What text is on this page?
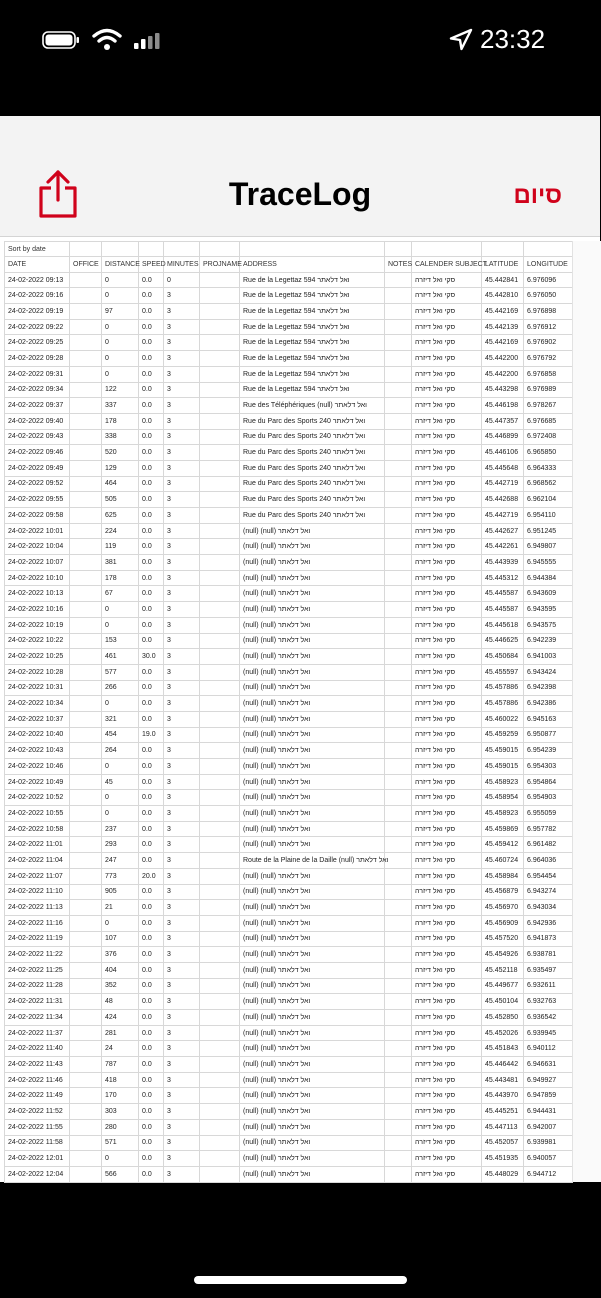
23:32
TraceLog	סיום
Sort by date										
DATE	OFFICE	DISTANCE	SPEED	MINUTES	PROJNAME	ADDRESS	NOTES	CALENDER SUBJECT	LATITUDE	LONGITUDE
24-02-2022 09:13		0	0.0	0		Rue de la Legettaz 594 ואל דלאתר		סקי ואל דיזרה	45.442841	6.976096
24-02-2022 09:16		0	0.0	3		Rue de la Legettaz 594 ואל דלאתר		סקי ואל דיזרה	45.442810	6.976050
24-02-2022 09:19		97	0.0	3		Rue de la Legettaz 594 ואל דלאתר		סקי ואל דיזרה	45.442169	6.976898
24-02-2022 09:22		0	0.0	3		Rue de la Legettaz 594 ואל דלאתר		סקי ואל דיזרה	45.442139	6.976912
24-02-2022 09:25		0	0.0	3		Rue de la Legettaz 594 ואל דלאתר		סקי ואל דיזרה	45.442169	6.976902
24-02-2022 09:28		0	0.0	3		Rue de la Legettaz 594 ואל דלאתר		סקי ואל דיזרה	45.442200	6.976792
24-02-2022 09:31		0	0.0	3		Rue de la Legettaz 594 ואל דלאתר		סקי ואל דיזרה	45.442200	6.976858
24-02-2022 09:34		122	0.0	3		Rue de la Legettaz 594 ואל דלאתר		סקי ואל דיזרה	45.443298	6.976989
24-02-2022 09:37		337	0.0	3		Rue des Téléphériques (null) ואל דלאתר		סקי ואל דיזרה	45.446198	6.978267
24-02-2022 09:40		178	0.0	3		Rue du Parc des Sports 240 ואל דלאתר		סקי ואל דיזרה	45.447357	6.976685
24-02-2022 09:43		338	0.0	3		Rue du Parc des Sports 240 ואל דלאתר		סקי ואל דיזרה	45.446899	6.972408
24-02-2022 09:46		520	0.0	3		Rue du Parc des Sports 240 ואל דלאתר		סקי ואל דיזרה	45.446106	6.965850
24-02-2022 09:49		129	0.0	3		Rue du Parc des Sports 240 ואל דלאתר		סקי ואל דיזרה	45.445648	6.964333
24-02-2022 09:52		464	0.0	3		Rue du Parc des Sports 240 ואל דלאתר		סקי ואל דיזרה	45.442719	6.968562
24-02-2022 09:55		505	0.0	3		Rue du Parc des Sports 240 ואל דלאתר		סקי ואל דיזרה	45.442688	6.962104
24-02-2022 09:58		625	0.0	3		Rue du Parc des Sports 240 ואל דלאתר		סקי ואל דיזרה	45.442719	6.954110
24-02-2022 10:01		224	0.0	3		(null) (null) ואל דלאתר		סקי ואל דיזרה	45.442627	6.951245
24-02-2022 10:04		119	0.0	3		(null) (null) ואל דלאתר		סקי ואל דיזרה	45.442261	6.949807
24-02-2022 10:07		381	0.0	3		(null) (null) ואל דלאתר		סקי ואל דיזרה	45.443939	6.945555
24-02-2022 10:10		178	0.0	3		(null) (null) ואל דלאתר		סקי ואל דיזרה	45.445312	6.944384
24-02-2022 10:13		67	0.0	3		(null) (null) ואל דלאתר		סקי ואל דיזרה	45.445587	6.943609
24-02-2022 10:16		0	0.0	3		(null) (null) ואל דלאתר		סקי ואל דיזרה	45.445587	6.943595
24-02-2022 10:19		0	0.0	3		(null) (null) ואל דלאתר		סקי ואל דיזרה	45.445618	6.943575
24-02-2022 10:22		153	0.0	3		(null) (null) ואל דלאתר		סקי ואל דיזרה	45.446625	6.942239
24-02-2022 10:25		461	30.0	3		(null) (null) ואל דלאתר		סקי ואל דיזרה	45.450684	6.941003
24-02-2022 10:28		577	0.0	3		(null) (null) ואל דלאתר		סקי ואל דיזרה	45.455597	6.943424
24-02-2022 10:31		266	0.0	3		(null) (null) ואל דלאתר		סקי ואל דיזרה	45.457886	6.942398
24-02-2022 10:34		0	0.0	3		(null) (null) ואל דלאתר		סקי ואל דיזרה	45.457886	6.942386
24-02-2022 10:37		321	0.0	3		(null) (null) ואל דלאתר		סקי ואל דיזרה	45.460022	6.945163
24-02-2022 10:40		454	19.0	3		(null) (null) ואל דלאתר		סקי ואל דיזרה	45.459259	6.950877
24-02-2022 10:43		264	0.0	3		(null) (null) ואל דלאתר		סקי ואל דיזרה	45.459015	6.954239
24-02-2022 10:46		0	0.0	3		(null) (null) ואל דלאתר		סקי ואל דיזרה	45.459015	6.954303
24-02-2022 10:49		45	0.0	3		(null) (null) ואל דלאתר		סקי ואל דיזרה	45.458923	6.954864
24-02-2022 10:52		0	0.0	3		(null) (null) ואל דלאתר		סקי ואל דיזרה	45.458954	6.954903
24-02-2022 10:55		0	0.0	3		(null) (null) ואל דלאתר		סקי ואל דיזרה	45.458923	6.955059
24-02-2022 10:58		237	0.0	3		(null) (null) ואל דלאתר		סקי ואל דיזרה	45.459869	6.957782
24-02-2022 11:01		293	0.0	3		(null) (null) ואל דלאתר		סקי ואל דיזרה	45.459412	6.961482
24-02-2022 11:04		247	0.0	3		Route de la Plaine de la Daille (null) ואל דלאתר		סקי ואל דיזרה	45.460724	6.964036
24-02-2022 11:07		773	20.0	3		(null) (null) ואל דלאתר		סקי ואל דיזרה	45.458984	6.954454
24-02-2022 11:10		905	0.0	3		(null) (null) ואל דלאתר		סקי ואל דיזרה	45.456879	6.943274
24-02-2022 11:13		21	0.0	3		(null) (null) ואל דלאתר		סקי ואל דיזרה	45.456970	6.943034
24-02-2022 11:16		0	0.0	3		(null) (null) ואל דלאתר		סקי ואל דיזרה	45.456909	6.942936
24-02-2022 11:19		107	0.0	3		(null) (null) ואל דלאתר		סקי ואל דיזרה	45.457520	6.941873
24-02-2022 11:22		376	0.0	3		(null) (null) ואל דלאתר		סקי ואל דיזרה	45.454926	6.938781
24-02-2022 11:25		404	0.0	3		(null) (null) ואל דלאתר		סקי ואל דיזרה	45.452118	6.935497
24-02-2022 11:28		352	0.0	3		(null) (null) ואל דלאתר		סקי ואל דיזרה	45.449677	6.932611
24-02-2022 11:31		48	0.0	3		(null) (null) ואל דלאתר		סקי ואל דיזרה	45.450104	6.932763
24-02-2022 11:34		424	0.0	3		(null) (null) ואל דלאתר		סקי ואל דיזרה	45.452850	6.936542
24-02-2022 11:37		281	0.0	3		(null) (null) ואל דלאתר		סקי ואל דיזרה	45.452026	6.939945
24-02-2022 11:40		24	0.0	3		(null) (null) ואל דלאתר		סקי ואל דיזרה	45.451843	6.940112
24-02-2022 11:43		787	0.0	3		(null) (null) ואל דלאתר		סקי ואל דיזרה	45.446442	6.946631
24-02-2022 11:46		418	0.0	3		(null) (null) ואל דלאתר		סקי ואל דיזרה	45.443481	6.949927
24-02-2022 11:49		170	0.0	3		(null) (null) ואל דלאתר		סקי ואל דיזרה	45.443970	6.947859
24-02-2022 11:52		303	0.0	3		(null) (null) ואל דלאתר		סקי ואל דיזרה	45.445251	6.944431
24-02-2022 11:55		280	0.0	3		(null) (null) ואל דלאתר		סקי ואל דיזרה	45.447113	6.942007
24-02-2022 11:58		571	0.0	3		(null) (null) ואל דלאתר		סקי ואל דיזרה	45.452057	6.939981
24-02-2022 12:01		0	0.0	3		(null) (null) ואל דלאתר		סקי ואל דיזרה	45.451935	6.940057
24-02-2022 12:04		566	0.0	3		(null) (null) ואל דלאתר		סקי ואל דיזרה	45.448029	6.944712
